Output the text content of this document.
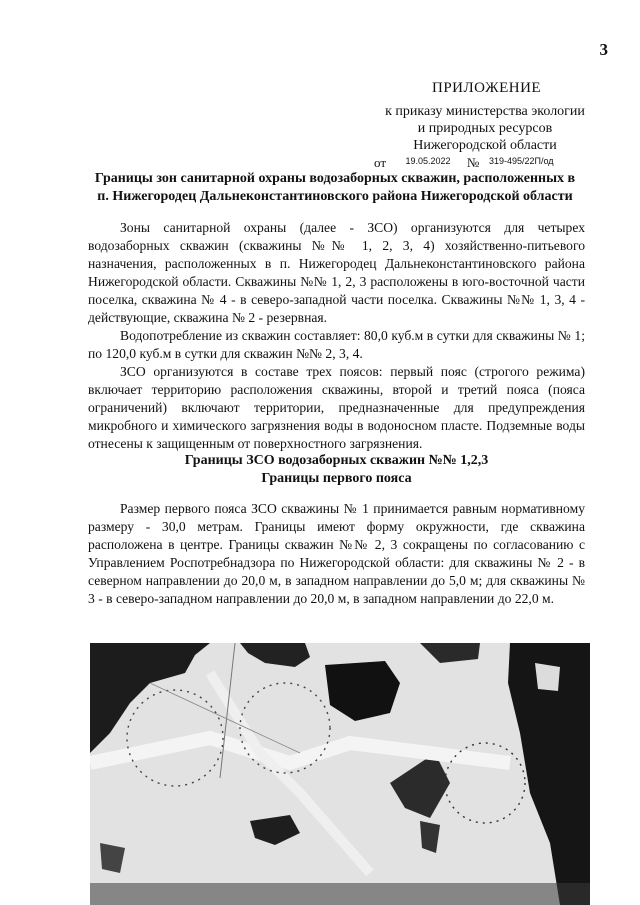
3
ПРИЛОЖЕНИЕ
к приказу министерства экологии
и природных ресурсов
Нижегородской области
от $^{19.05.2022}$ № $^{319-495/22П/од}$
Границы зон санитарной охраны водозаборных скважин, расположенных в
п. Нижегородец Дальнеконстантиновского района Нижегородской области

Зоны санитарной охраны (далее - ЗСО) организуются для четырех водозаборных скважин (скважины №№ 1, 2, 3, 4) хозяйственно-питьевого назначения, расположенных в п. Нижегородец Дальнеконстантиновского района Нижегородской области. Скважины №№ 1, 2, 3 расположены в юго-восточной части поселка, скважина № 4 - в северо-западной части поселка. Скважины №№ 1, 3, 4 - действующие, скважина № 2 - резервная.

Водопотребление из скважин составляет: 80,0 куб.м в сутки для скважины № 1; по 120,0 куб.м в сутки для скважин №№ 2, 3, 4.

ЗСО организуются в составе трех поясов: первый пояс (строгого режима) включает территорию расположения скважины, второй и третий пояса (пояса ограничений) включают территории, предназначенные для предупреждения микробного и химического загрязнения воды в водоносном пласте. Подземные воды отнесены к защищенным от поверхностного загрязнения.

Границы ЗСО водозаборных скважин №№ 1,2,3
Границы первого пояса

Размер первого пояса ЗСО скважины № 1 принимается равным нормативному размеру - 30,0 метрам. Границы имеют форму окружности, где скважина расположена в центре. Границы скважин №№ 2, 3 сокращены по согласованию с Управлением Роспотребнадзора по Нижегородской области: для скважины № 2 - в северном направлении до 20,0 м, в западном направлении до 5,0 м; для скважины № 3 - в северо-западном направлении до 20,0 м, в западном направлении до 22,0 м.
